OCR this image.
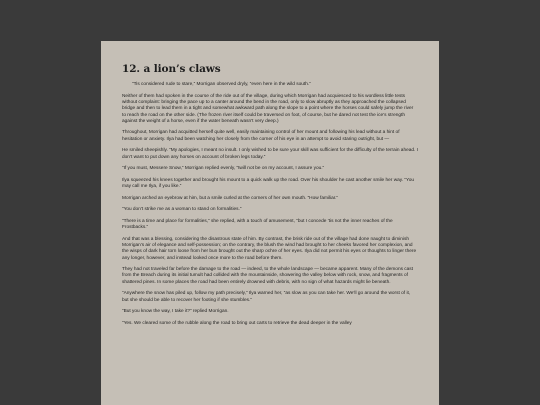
12. a lion’s claws

“Tis considered rude to stare,” Morrigan observed dryly, “even here in the wild south.”

Neither of them had spoken in the course of the ride out of the village, during which Morrigan had acquiesced to his wordless little tests without complaint: bringing the pace up to a canter around the bend in the road, only to slow abruptly as they approached the collapsed bridge and then to lead them in a tight and somewhat awkward path along the slope to a point where the horses could safely jump the river to reach the road on the other side. (The frozen river itself could be traversed on foot, of course, but he dared not test the ice’s strength against the weight of a horse, even if the water beneath wasn’t very deep.)

Throughout, Morrigan had acquitted herself quite well, easily maintaining control of her mount and following his lead without a hint of hesitation or anxiety. Ilya had been watching her closely from the corner of his eye in an attempt to avoid staring outright, but —

He smiled sheepishly. “My apologies, I meant no insult. I only wished to be sure your skill was sufficient for the difficulty of the terrain ahead. I don’t want to put down any horses on account of broken legs today.”

“If you must, Messere Snow,” Morrigan replied evenly, “twill not be on my account, I assure you.”

Ilya squeezed his knees together and brought his mount to a quick walk up the road. Over his shoulder he cast another smile her way. “You may call me Ilya, if you like.”

Morrigan arched an eyebrow at him, but a smile curled at the corners of her own mouth. “How familiar.”

“You don’t strike me as a woman to stand on formalities.”

“There is a time and place for formalities,” she replied, with a touch of amusement, “but I concede ’tis not the inner reaches of the Frostbacks.”

And that was a blessing, considering the disastrous state of him. By contrast, the brisk ride out of the village had done naught to diminish Morrigan’s air of elegance and self-possession; on the contrary, the blush the wind had brought to her cheeks favored her complexion, and the wisps of dark hair torn loose from her bun brought out the sharp ochre of her eyes. Ilya did not permit his eyes or thoughts to linger there any longer, however, and instead looked once more to the road before them.

They had not traveled far before the damage to the road — indeed, to the whole landscape — became apparent. Many of the demons cast from the Breach during its initial tumult had collided with the mountainside, showering the valley below with rock, snow, and fragments of shattered pines. In some places the road had been entirely drowned with debris, with no sign of what hazards might lie beneath.

“Anywhere the snow has piled up, follow my path precisely,” Ilya warned her, “as slow as you can take her. We’ll go around the worst of it, but she should be able to recover her footing if she stumbles.”

“But you know the way, I take it?” replied Morrigan.

“Yes. We cleared some of the rubble along the road to bring out carts to retrieve the dead deeper in the valley
